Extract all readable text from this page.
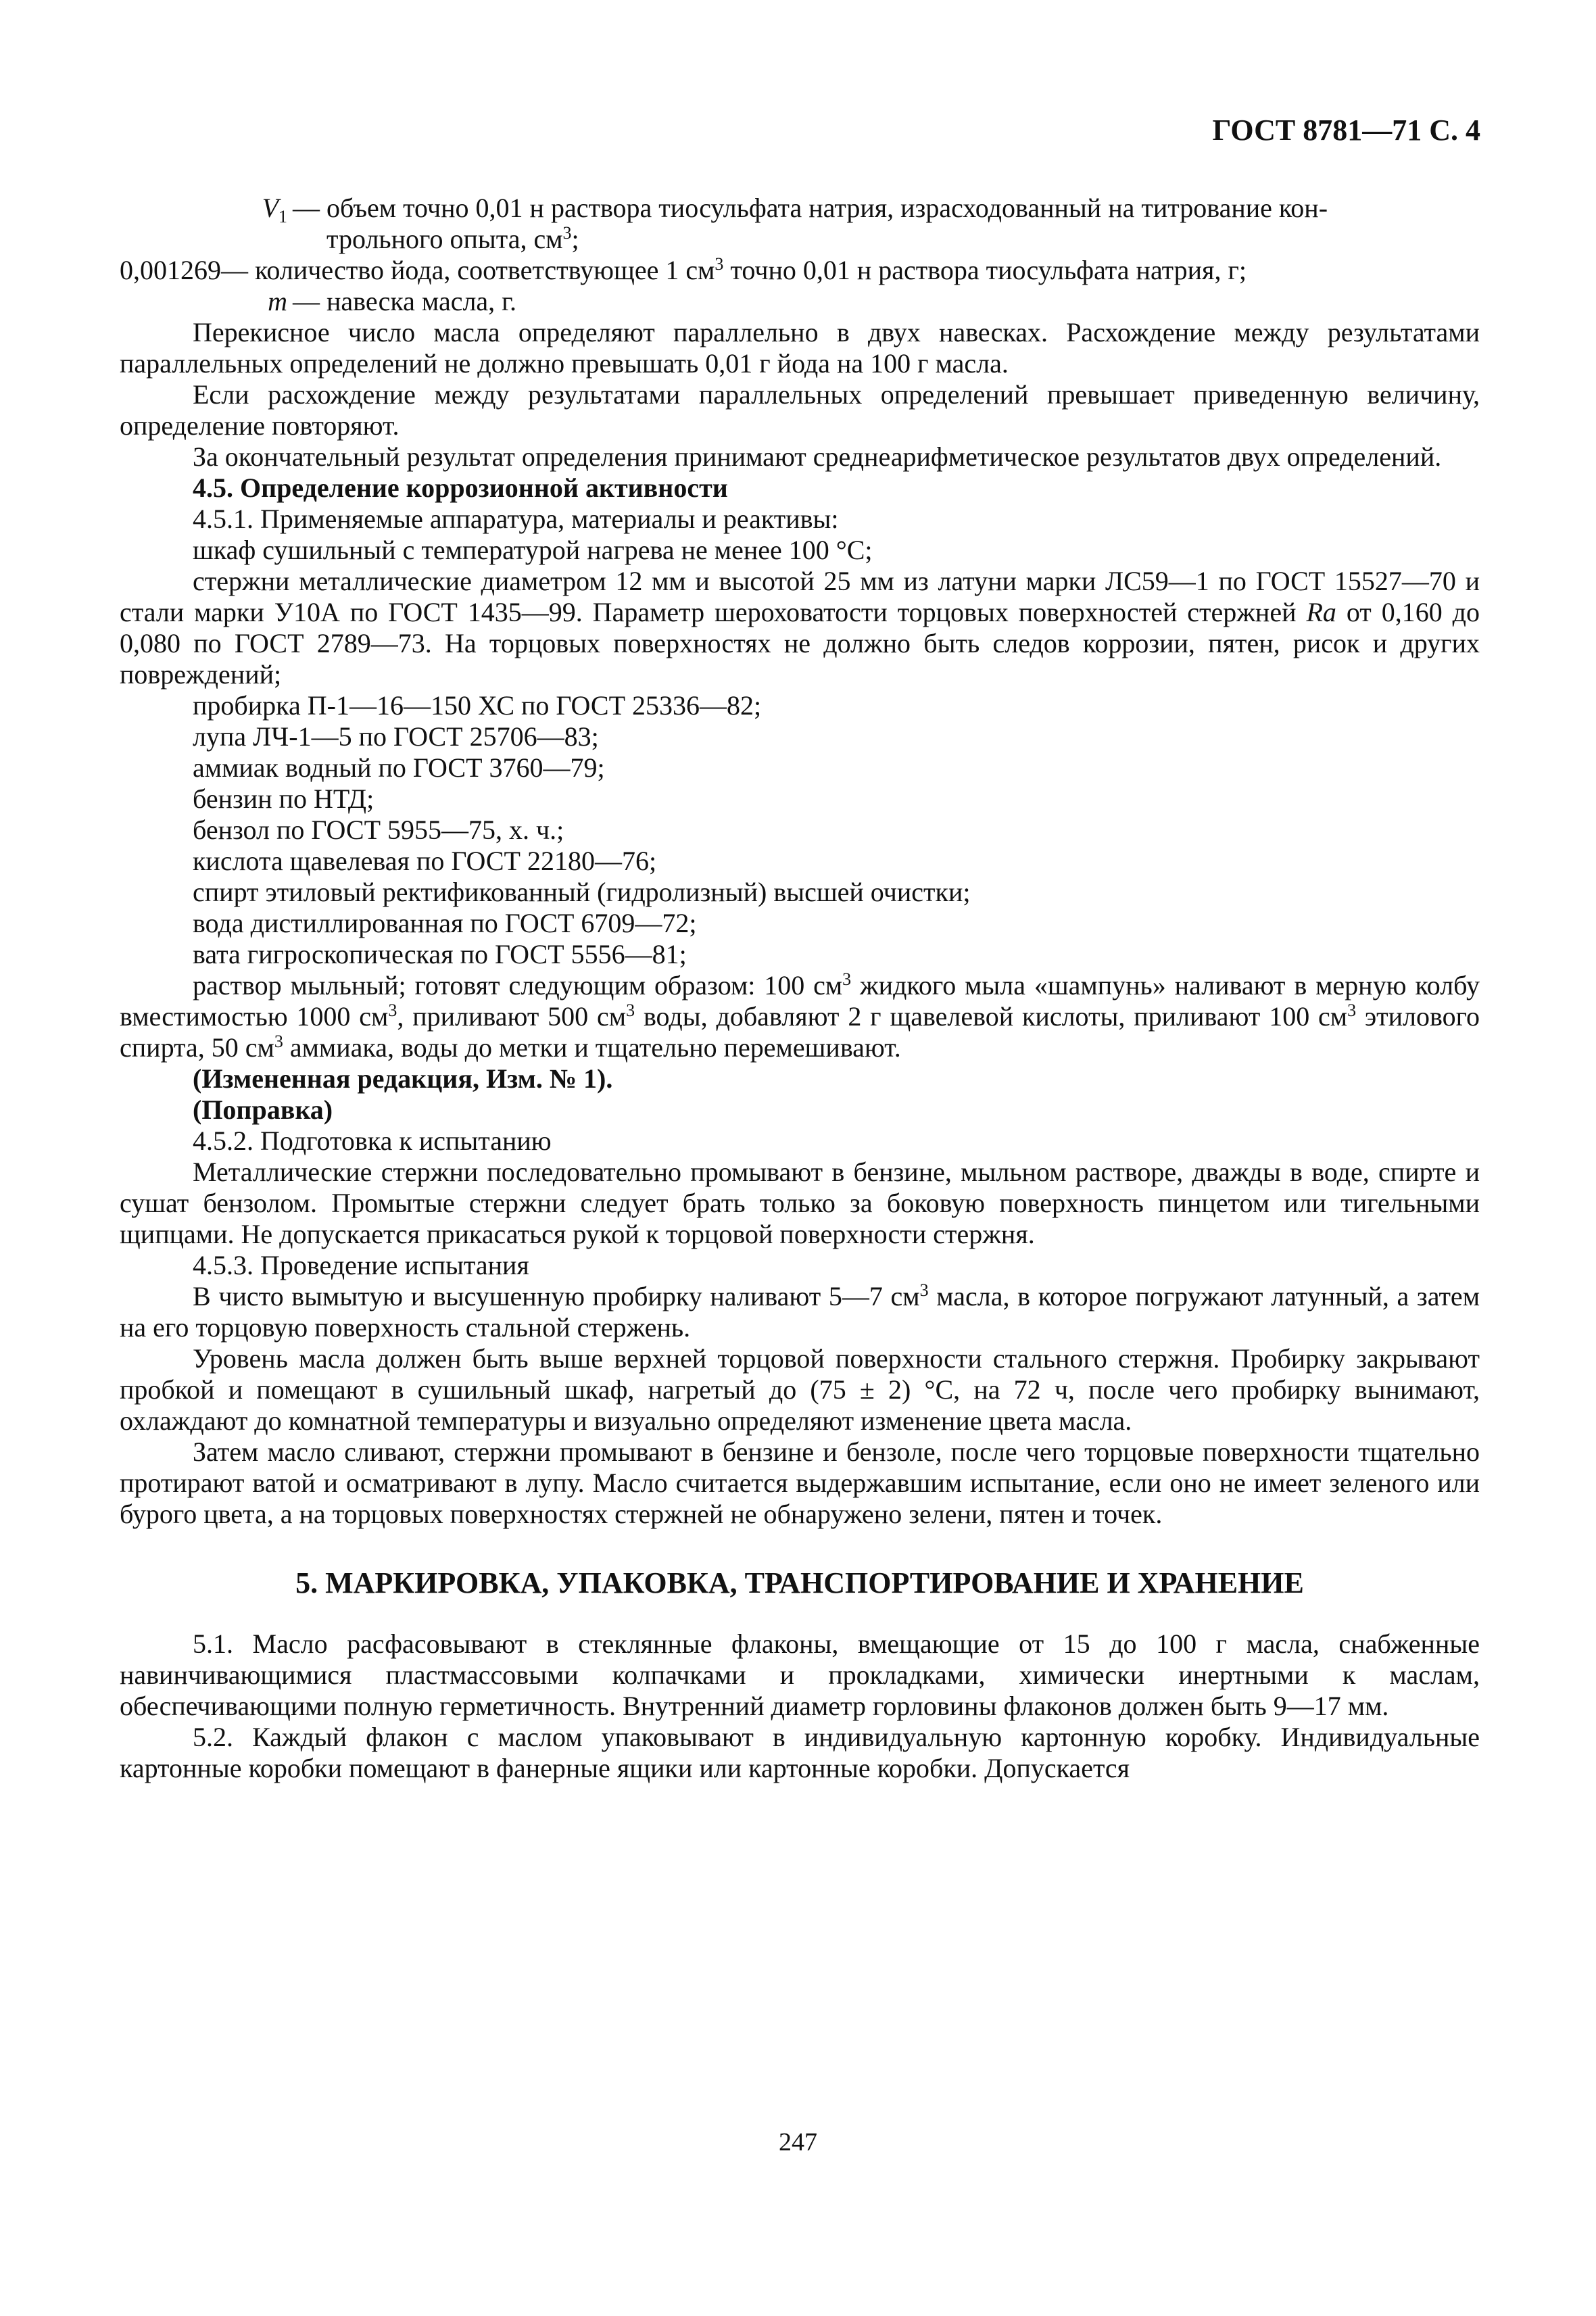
ГОСТ 8781—71 С. 4
$V_1$ — объем точно 0,01 н раствора тиосульфата натрия, израсходованный на титрование кон-
трольного опыта, $см^3$;
0,001269 — количество йода, соответствующее 1 $см^3$ точно 0,01 н раствора тиосульфата натрия, г;
m — навеска масла, г.

Перекисное число масла определяют параллельно в двух навесках. Расхождение между результатами параллельных определений не должно превышать 0,01 г йода на 100 г масла.

Если расхождение между результатами параллельных определений превышает приведенную величину, определение повторяют.

За окончательный результат определения принимают среднеарифметическое результатов двух определений.

4.5. Определение коррозионной активности

4.5.1. Применяемые аппаратура, материалы и реактивы:

шкаф сушильный с температурой нагрева не менее 100 °С;

стержни металлические диаметром 12 мм и высотой 25 мм из латуни марки ЛС59—1 по ГОСТ 15527—70 и стали марки У10А по ГОСТ 1435—99. Параметр шероховатости торцовых поверхностей стержней Ra от 0,160 до 0,080 по ГОСТ 2789—73. На торцовых поверхностях не должно быть следов коррозии, пятен, рисок и других повреждений;

пробирка П-1—16—150 ХС по ГОСТ 25336—82;

лупа ЛЧ-1—5 по ГОСТ 25706—83;

аммиак водный по ГОСТ 3760—79;

бензин по НТД;

бензол по ГОСТ 5955—75, х. ч.;

кислота щавелевая по ГОСТ 22180—76;

спирт этиловый ректификованный (гидролизный) высшей очистки;

вода дистиллированная по ГОСТ 6709—72;

вата гигроскопическая по ГОСТ 5556—81;

раствор мыльный; готовят следующим образом: 100 $см^3$ жидкого мыла «шампунь» наливают в мерную колбу вместимостью 1000 $см^3$, приливают 500 $см^3$ воды, добавляют 2 г щавелевой кислоты, приливают 100 $см^3$ этилового спирта, 50 $см^3$ аммиака, воды до метки и тщательно перемешивают.

(Измененная редакция, Изм. № 1).

(Поправка)

4.5.2. Подготовка к испытанию

Металлические стержни последовательно промывают в бензине, мыльном растворе, дважды в воде, спирте и сушат бензолом. Промытые стержни следует брать только за боковую поверхность пинцетом или тигельными щипцами. Не допускается прикасаться рукой к торцовой поверхности стержня.

4.5.3. Проведение испытания

В чисто вымытую и высушенную пробирку наливают 5—7 $см^3$ масла, в которое погружают латунный, а затем на его торцовую поверхность стальной стержень.

Уровень масла должен быть выше верхней торцовой поверхности стального стержня. Пробирку закрывают пробкой и помещают в сушильный шкаф, нагретый до (75 ± 2) °С, на 72 ч, после чего пробирку вынимают, охлаждают до комнатной температуры и визуально определяют изменение цвета масла.

Затем масло сливают, стержни промывают в бензине и бензоле, после чего торцовые поверхности тщательно протирают ватой и осматривают в лупу. Масло считается выдержавшим испытание, если оно не имеет зеленого или бурого цвета, а на торцовых поверхностях стержней не обнаружено зелени, пятен и точек.

5. МАРКИРОВКА, УПАКОВКА, ТРАНСПОРТИРОВАНИЕ И ХРАНЕНИЕ

5.1. Масло расфасовывают в стеклянные флаконы, вмещающие от 15 до 100 г масла, снабженные навинчивающимися пластмассовыми колпачками и прокладками, химически инертными к маслам, обеспечивающими полную герметичность. Внутренний диаметр горловины флаконов должен быть 9—17 мм.

5.2. Каждый флакон с маслом упаковывают в индивидуальную картонную коробку. Индивидуальные картонные коробки помещают в фанерные ящики или картонные коробки. Допускается

247
